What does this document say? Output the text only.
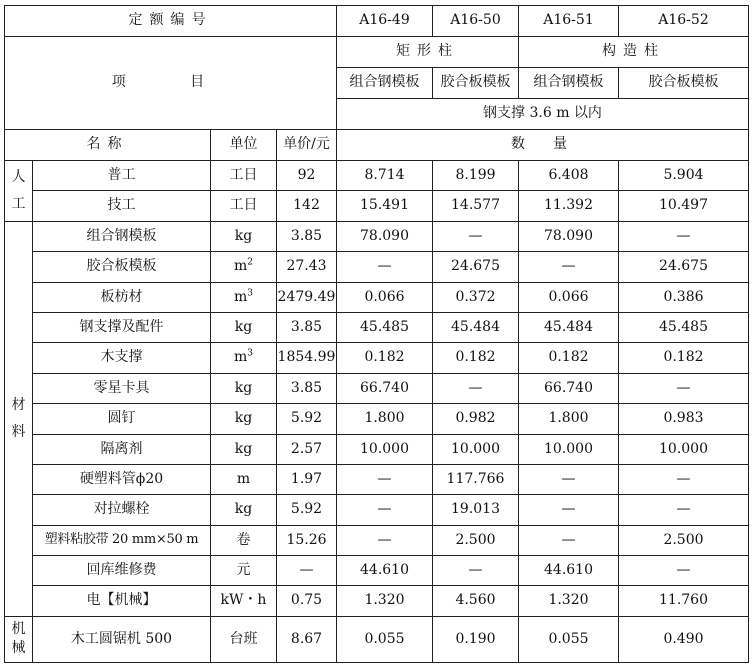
定额编号				A16-49	A16-50	A16-51	A16-52
项　目				矩形柱		构造柱	
				组合钢模板	胶合板模板	组合钢模板	胶合板模板
				钢支撑 3.6 m 以内			
名称		单位	单价/元	数　量			

人
工	普工	工日	92	8.714	8.199	6.408	5.904
	技工	工日	142	15.491	14.577	11.392	10.497

材
料	组合钢模板	kg	3.85	78.090	—	78.090	—
	胶合板模板	$m^2$	27.43	—	24.675	—	24.675
	板枋材	$m^3$	2479.49	0.066	0.372	0.066	0.386
	钢支撑及配件	kg	3.85	45.485	45.484	45.484	45.485
	木支撑	$m^3$	1854.99	0.182	0.182	0.182	0.182
	零星卡具	kg	3.85	66.740	—	66.740	—
	圆钉	kg	5.92	1.800	0.982	1.800	0.983
	隔离剂	kg	2.57	10.000	10.000	10.000	10.000
	硬塑料管ϕ20	m	1.97	—	117.766	—	—
	对拉螺栓	kg	5.92	—	19.013	—	—
	塑料粘胶带 20 mm×50 m	卷	15.26	—	2.500	—	2.500
	回库维修费	元	—	44.610	—	44.610	—
	电【机械】	kW・h	0.75	1.320	4.560	1.320	11.760

机
械	木工圆锯机 500	台班	8.67	0.055	0.190	0.055	0.490
